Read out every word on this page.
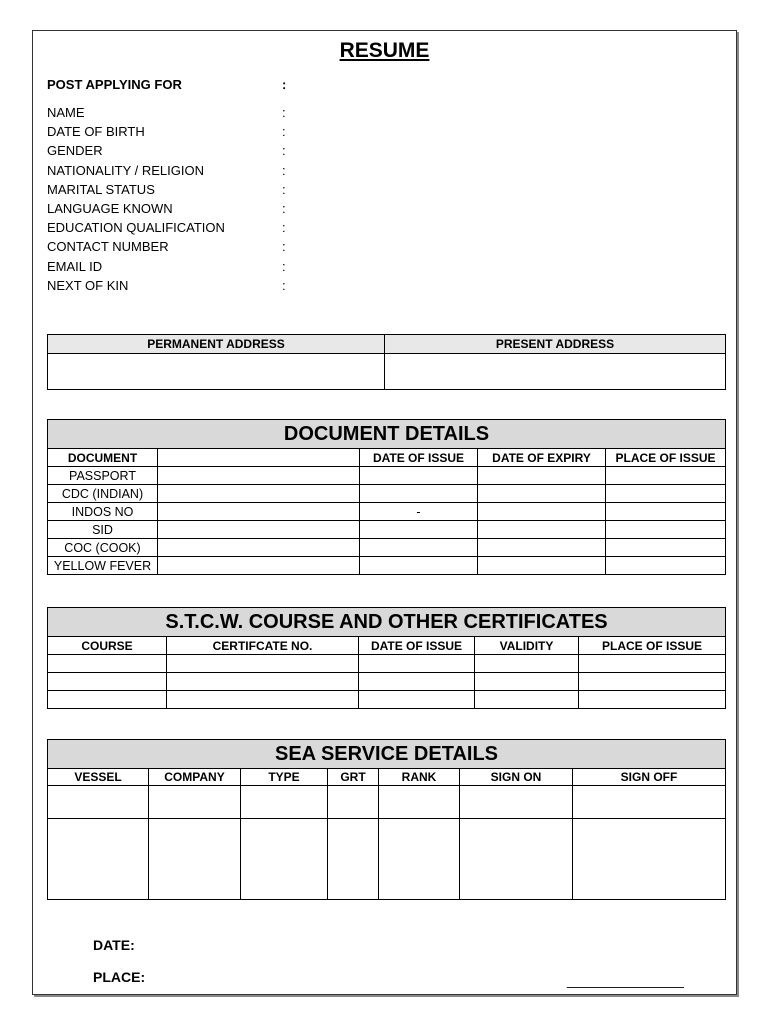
RESUME
POST APPLYING FOR	:
NAME	:
DATE OF BIRTH	:
GENDER	:
NATIONALITY / RELIGION	:
MARITAL STATUS	:
LANGUAGE KNOWN	:
EDUCATION QUALIFICATION	:
CONTACT NUMBER	:
EMAIL ID	:
NEXT OF KIN	:
PERMANENT ADDRESS	PRESENT ADDRESS

DOCUMENT DETAILS				
DOCUMENT		DATE OF ISSUE	DATE OF EXPIRY	PLACE OF ISSUE
PASSPORT				
CDC (INDIAN)				
INDOS NO		-		
SID				
COC (COOK)				
YELLOW FEVER				
S.T.C.W. COURSE AND OTHER CERTIFICATES				
COURSE	CERTIFCATE NO.	DATE OF ISSUE	VALIDITY	PLACE OF ISSUE

SEA SERVICE DETAILS						
VESSEL	COMPANY	TYPE	GRT	RANK	SIGN ON	SIGN OFF

DATE:
PLACE:	_______________
